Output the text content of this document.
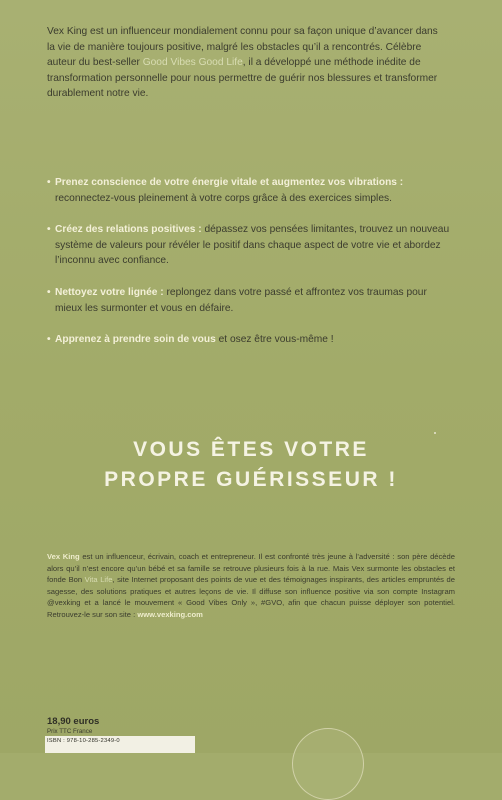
Vex King est un influenceur mondialement connu pour sa façon unique d’avancer dans la vie de manière toujours positive, malgré les obstacles qu’il a rencontrés. Célèbre auteur du best-seller Good Vibes Good Life, il a développé une méthode inédite de transformation personnelle pour nous permettre de guérir nos blessures et transformer durablement notre vie.

• Prenez conscience de votre énergie vitale et augmentez vos vibrations : reconnectez-vous pleinement à votre corps grâce à des exercices simples.
• Créez des relations positives : dépassez vos pensées limitantes, trouvez un nouveau système de valeurs pour révéler le positif dans chaque aspect de votre vie et abordez l’inconnu avec confiance.
• Nettoyez votre lignée : replongez dans votre passé et affrontez vos traumas pour mieux les surmonter et vous en défaire.
• Apprenez à prendre soin de vous et osez être vous-même !
VOUS ÊTES VOTRE
PROPRE GUÉRISSEUR !

Vex King est un influenceur, écrivain, coach et entrepreneur. Il est confronté très jeune à l’adversité : son père décède alors qu’il n’est encore qu’un bébé et sa famille se retrouve plusieurs fois à la rue. Mais Vex surmonte les obstacles et fonde Bon Vita Life, site Internet proposant des points de vue et des témoignages inspirants, des articles empruntés de sagesse, des solutions pratiques et autres leçons de vie. Il diffuse son influence positive via son compte Instagram @vexking et a lancé le mouvement « Good Vibes Only », #GVO, afin que chacun puisse déployer son potentiel. Retrouvez-le sur son site : www.vexking.com

18,90 euros
Prix TTC France
ISBN : 978-10-285-2349-0
